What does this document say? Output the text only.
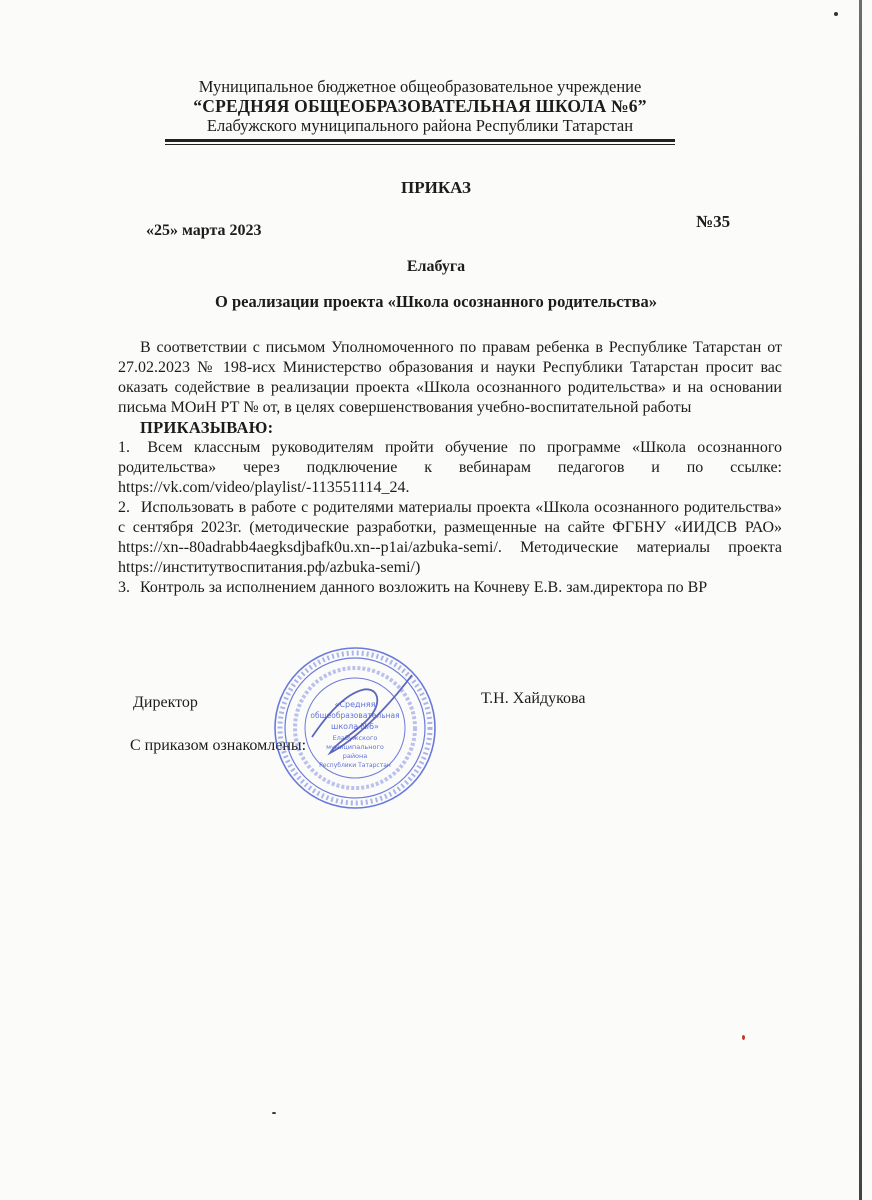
Муниципальное бюджетное общеобразовательное учреждение
“СРЕДНЯЯ ОБЩЕОБРАЗОВАТЕЛЬНАЯ ШКОЛА №6”
Елабужского муниципального района Республики Татарстан
ПРИКАЗ
«25» марта 2023	№35
Елабуга
О реализации проекта «Школа осознанного родительства»

В соответствии с письмом Уполномоченного по правам ребенка в Республике Татарстан от 27.02.2023 № 198-исх Министерство образования и науки Республики Татарстан просит вас оказать содействие в реализации проекта «Школа осознанного родительства» и на основании письма МОиН РТ № от, в целях совершенствования учебно-воспитательной работы

ПРИКАЗЫВАЮ:

1. Всем классным руководителям пройти обучение по программе «Школа осознанного родительства» через подключение к вебинарам педагогов и по ссылке: https://vk.com/video/playlist/-113551114_24.

2. Использовать в работе с родителями материалы проекта «Школа осознанного родительства» с сентября 2023г. (методические разработки, размещенные на сайте ФГБНУ «ИИДСВ РАО» https://xn--80adrabb4aegksdjbafk0u.xn--p1ai/azbuka-semi/. Методические материалы проекта https://институтвоспитания.рф/azbuka-semi/)

3. Контроль за исполнением данного возложить на Кочневу Е.В. зам.директора по ВР

Директор	Т.Н. Хайдукова
С приказом ознакомлены:
«Средняя
общеобразовательная
школа №6»
Елабужского
муниципального
района
Республики Татарстан
